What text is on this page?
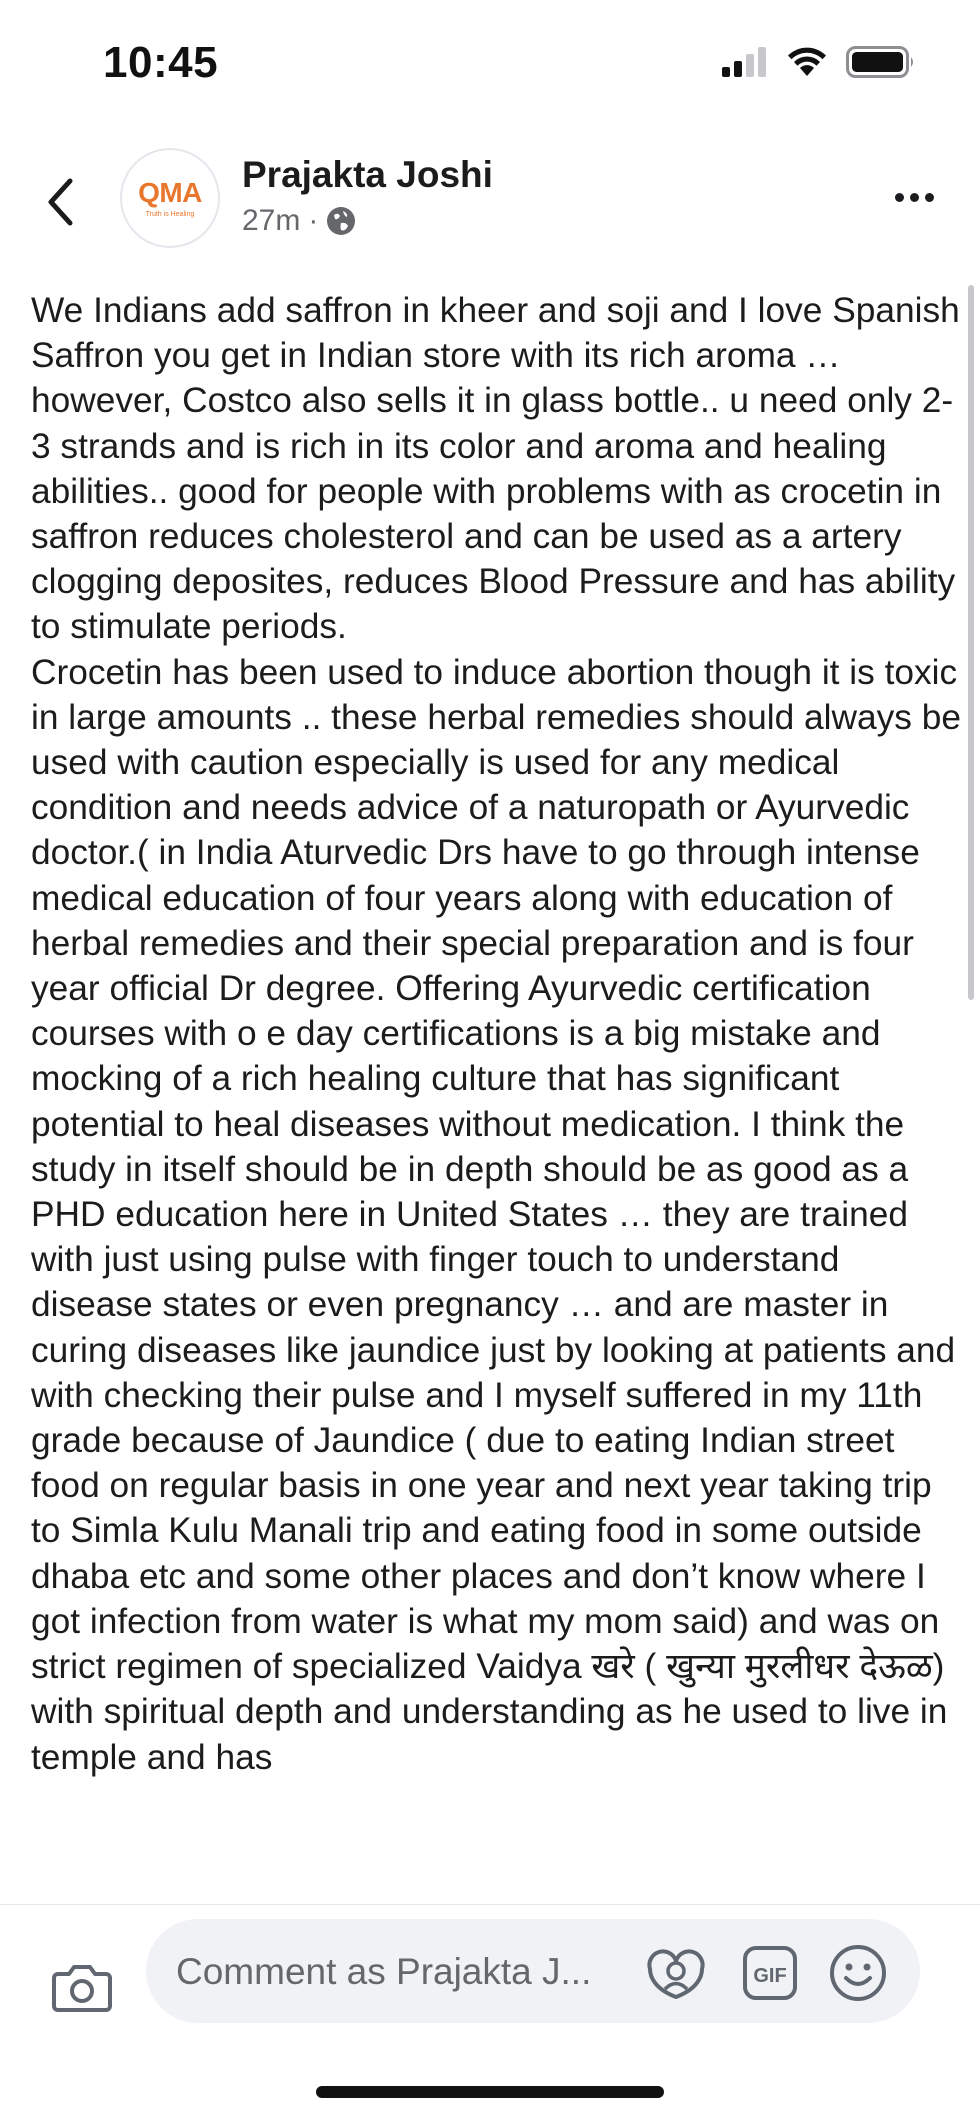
10:45
QMA
Truth is Healing
Prajakta Joshi
27m ·
We Indians add saffron in kheer and soji and I love Spanish Saffron you get in Indian store with its rich aroma … however, Costco also sells it in glass bottle.. u need only 2-3 strands and is rich in its color and aroma and healing abilities.. good for people with problems with as crocetin in saffron reduces cholesterol and can be used as a artery clogging deposites, reduces Blood Pressure and has ability to stimulate periods.
Crocetin has been used to induce abortion though it is toxic in large amounts .. these herbal remedies should always be used with caution especially is used for any medical condition and needs advice of a naturopath or Ayurvedic doctor.( in India Aturvedic Drs have to go through intense medical education of four years along with education of herbal remedies and their special preparation and is four year official Dr degree. Offering Ayurvedic certification courses with o e day certifications is a big mistake and mocking of a rich healing culture that has significant potential to heal diseases without medication. I think the study in itself should be in depth should be as good as a PHD education here in United States … they are trained with just using pulse with finger touch to understand disease states or even pregnancy … and are master in curing diseases like jaundice just by looking at patients and with checking their pulse and I myself suffered in my 11th grade because of Jaundice ( due to eating Indian street food on regular basis in one year and next year taking trip to Simla Kulu Manali trip and eating food in some outside dhaba etc and some other places and don’t know where I got infection from water is what my mom said) and was on strict regimen of specialized Vaidya खरे ( खुन्या मुरलीधर देऊळ) with spiritual depth and understanding as he used to live in temple and has
Comment as Prajakta J...	GIF
